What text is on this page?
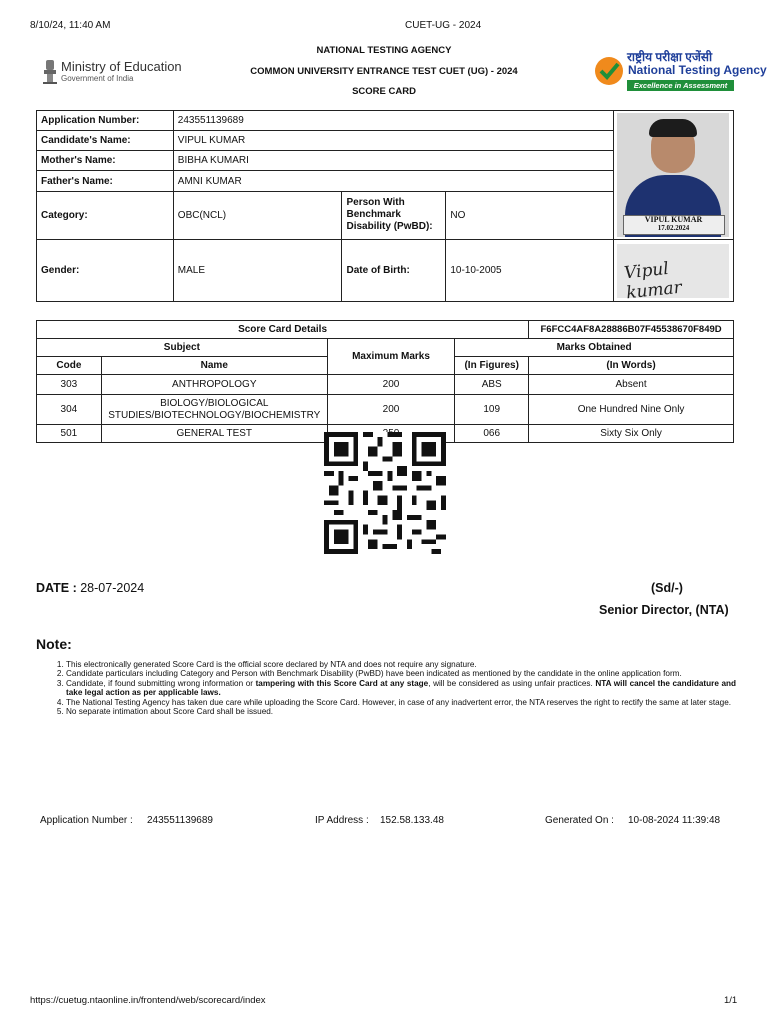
8/10/24, 11:40 AM	CUET-UG - 2024
NATIONAL TESTING AGENCY
COMMON UNIVERSITY ENTRANCE TEST CUET (UG) - 2024
SCORE CARD
Ministry of Education
Government of India
राष्ट्रीय परीक्षा एजेंसी
National Testing Agency
Excellence in Assessment
Application Number:	243551139689			VIPUL KUMAR
17.02.2024

Candidate's Name:	VIPUL KUMAR			
Mother's Name:	BIBHA KUMARI			
Father's Name:	AMNI KUMAR			
Category:	OBC(NCL)	Person With Benchmark Disability (PwBD):	NO	
Gender:	MALE	Date of Birth:	10-10-2005	Vipul kumar
Score Card Details				F6FCC4AF8A28886B07F45538670F849D
Subject		Maximum Marks	Marks Obtained	
Code	Name		(In Figures)	(In Words)
303	ANTHROPOLOGY	200	ABS	Absent
304	BIOLOGY/BIOLOGICAL STUDIES/BIOTECHNOLOGY/BIOCHEMISTRY	200	109	One Hundred Nine Only
501	GENERAL TEST		066	Sixty Six Only
DATE : 28-07-2024	(Sd/-)
Senior Director, (NTA)
Note:
1. This electronically generated Score Card is the official score declared by NTA and does not require any signature.
2. Candidate particulars including Category and Person with Benchmark Disability (PwBD) have been indicated as mentioned by the candidate in the online application form.
3. Candidate, if found submitting wrong information or tampering with this Score Card at any stage, will be considered as using unfair practices. NTA will cancel the candidature and take legal action as per applicable laws.
4. The National Testing Agency has taken due care while uploading the Score Card. However, in case of any inadvertent error, the NTA reserves the right to rectify the same at later stage.
5. No separate intimation about Score Card shall be issued.
Application Number : 243551139689	IP Address : 152.58.133.48	Generated On : 10-08-2024 11:39:48
https://cuetug.ntaonline.in/frontend/web/scorecard/index	1/1
